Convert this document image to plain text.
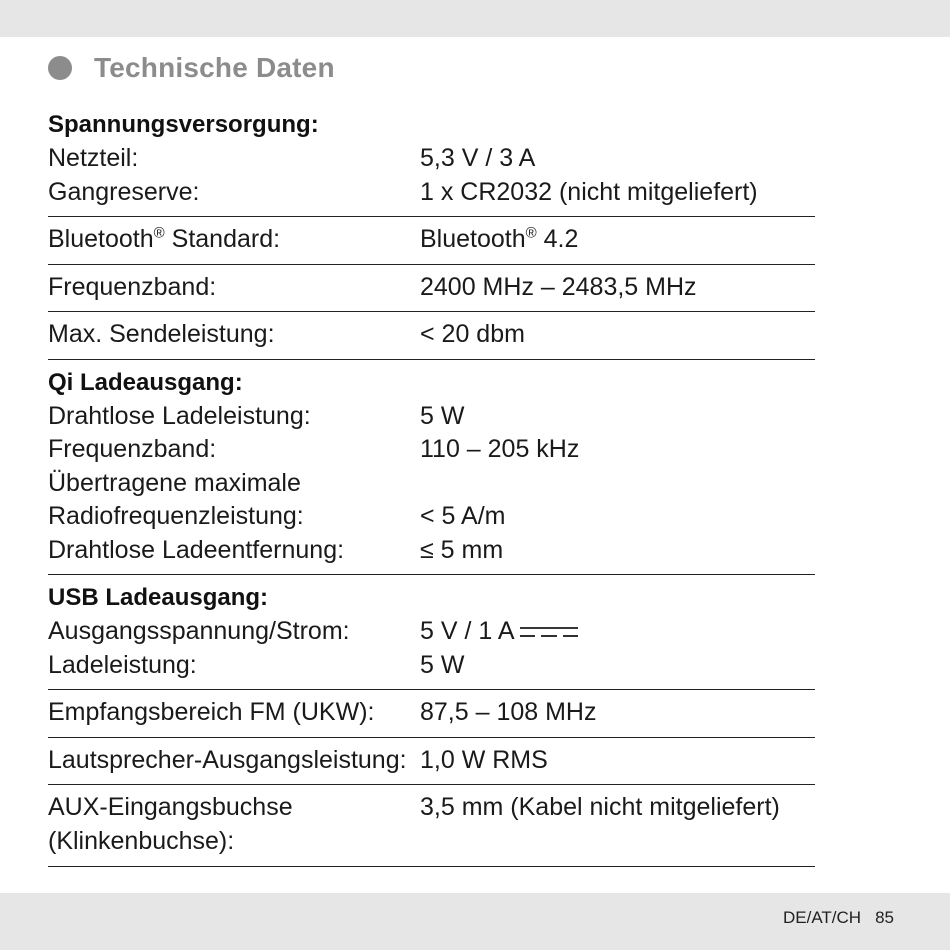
Technische Daten
Spannungsversorgung:
Netzteil:	5,3 V / 3 A
Gangreserve:	1 x CR2032 (nicht mitgeliefert)
Bluetooth® Standard:	Bluetooth® 4.2
Frequenzband:	2400 MHz – 2483,5 MHz
Max. Sendeleistung:	< 20 dbm
Qi Ladeausgang:
Drahtlose Ladeleistung:	5 W
Frequenzband:	110 – 205 kHz
Übertragene maximale
Radiofrequenzleistung:	< 5 A/m
Drahtlose Ladeentfernung:	≤ 5 mm
USB Ladeausgang:
Ausgangsspannung/Strom:	5 V / 1 A
Ladeleistung:	5 W
Empfangsbereich FM (UKW):	87,5 – 108 MHz
Lautsprecher-Ausgangsleistung: 1,0 W RMS
AUX-Eingangsbuchse	3,5 mm (Kabel nicht mitgeliefert)
(Klinkenbuchse):
DE/AT/CH 85
